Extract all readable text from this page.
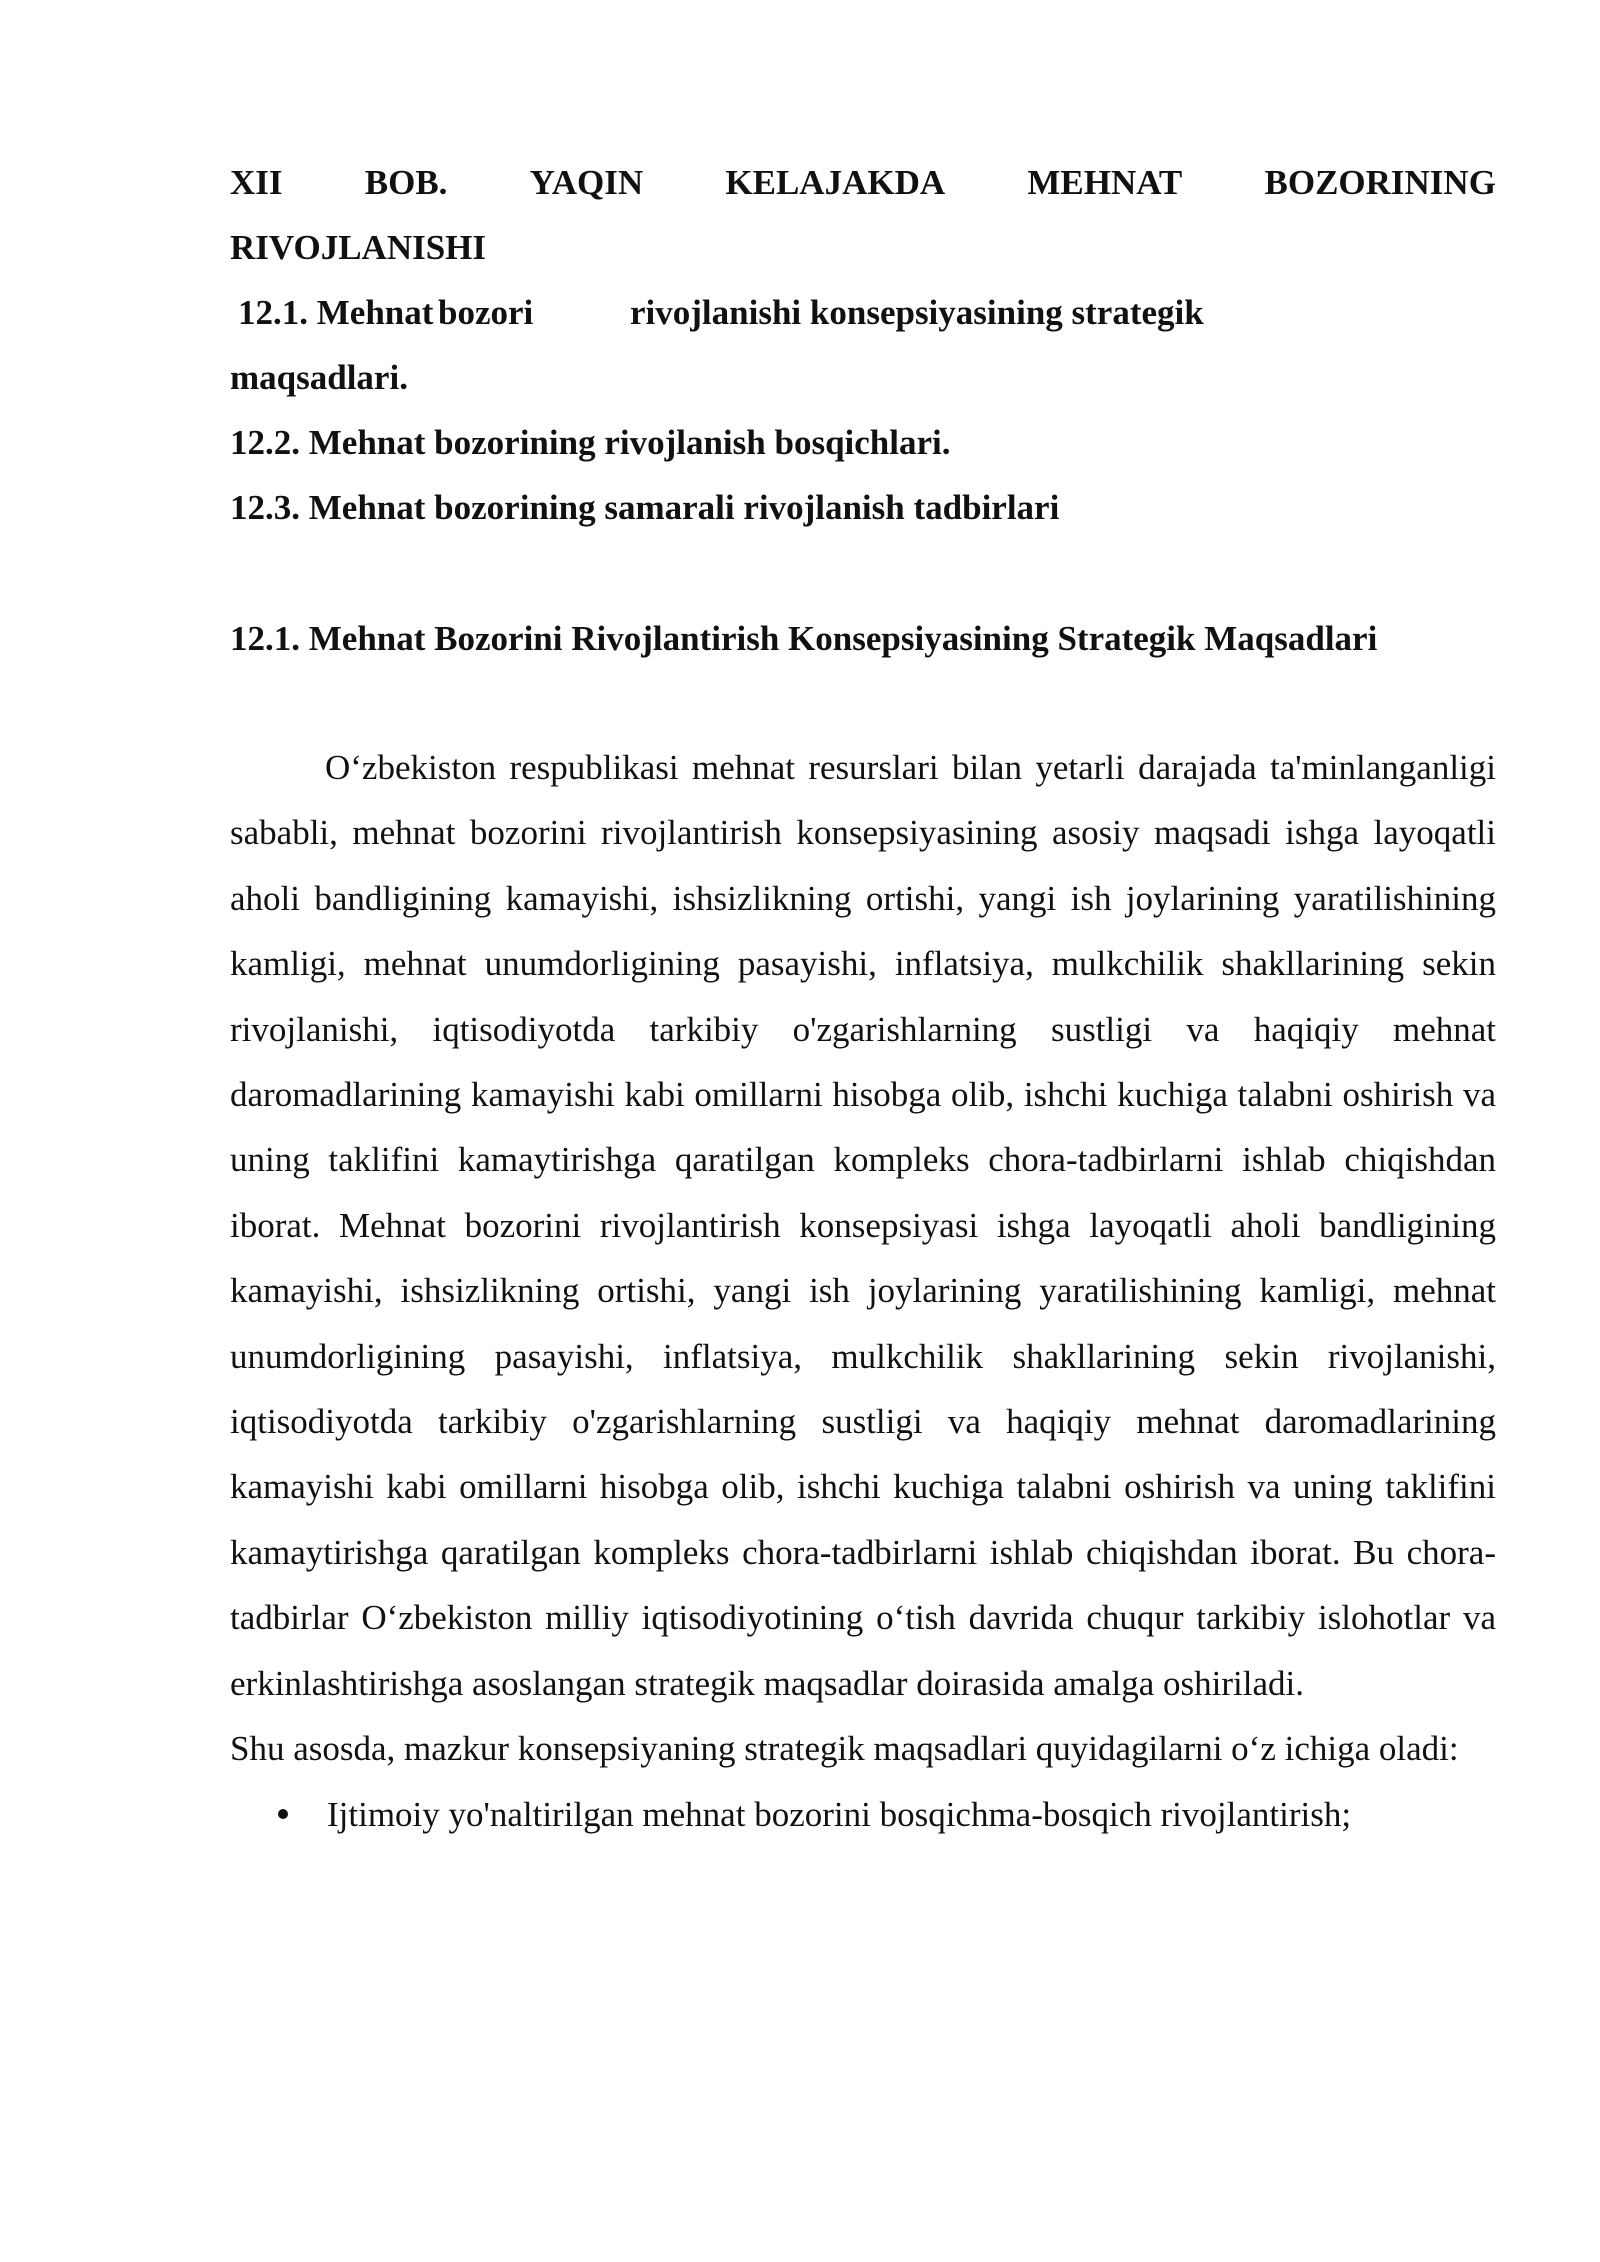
XII BOB. YAQIN KELAJAKDA MEHNAT BOZORINING
RIVOJLANISHI
12.1. Mehnat bozori	rivojlanishi konsepsiyasining strategik
maqsadlari.
12.2. Mehnat bozorining rivojlanish bosqichlari.
12.3. Mehnat bozorining samarali rivojlanish tadbirlari
12.1. Mehnat Bozorini Rivojlantirish Konsepsiyasining Strategik Maqsadlari
O‘zbekiston respublikasi mehnat resurslari bilan yetarli darajada ta'minlanganligi sababli, mehnat bozorini rivojlantirish konsepsiyasining asosiy maqsadi ishga layoqatli aholi bandligining kamayishi, ishsizlikning ortishi, yangi ish joylarining yaratilishining kamligi, mehnat unumdorligining pasayishi, inflatsiya, mulkchilik shakllarining sekin rivojlanishi, iqtisodiyotda tarkibiy o'zgarishlarning sustligi va haqiqiy mehnat daromadlarining kamayishi kabi omillarni hisobga olib, ishchi kuchiga talabni oshirish va uning taklifini kamaytirishga qaratilgan kompleks chora-tadbirlarni ishlab chiqishdan iborat. Mehnat bozorini rivojlantirish konsepsiyasi ishga layoqatli aholi bandligining kamayishi, ishsizlikning ortishi, yangi ish joylarining yaratilishining kamligi, mehnat unumdorligining pasayishi, inflatsiya, mulkchilik shakllarining sekin rivojlanishi, iqtisodiyotda tarkibiy o'zgarishlarning sustligi va haqiqiy mehnat daromadlarining kamayishi kabi omillarni hisobga olib, ishchi kuchiga talabni oshirish va uning taklifini kamaytirishga qaratilgan kompleks chora-tadbirlarni ishlab chiqishdan iborat. Bu chora-tadbirlar O‘zbekiston milliy iqtisodiyotining o‘tish davrida chuqur tarkibiy islohotlar va erkinlashtirishga asoslangan strategik maqsadlar doirasida amalga oshiriladi.
Shu asosda, mazkur konsepsiyaning strategik maqsadlari quyidagilarni o‘z ichiga oladi:
Ijtimoiy yo'naltirilgan mehnat bozorini bosqichma-bosqich rivojlantirish;
